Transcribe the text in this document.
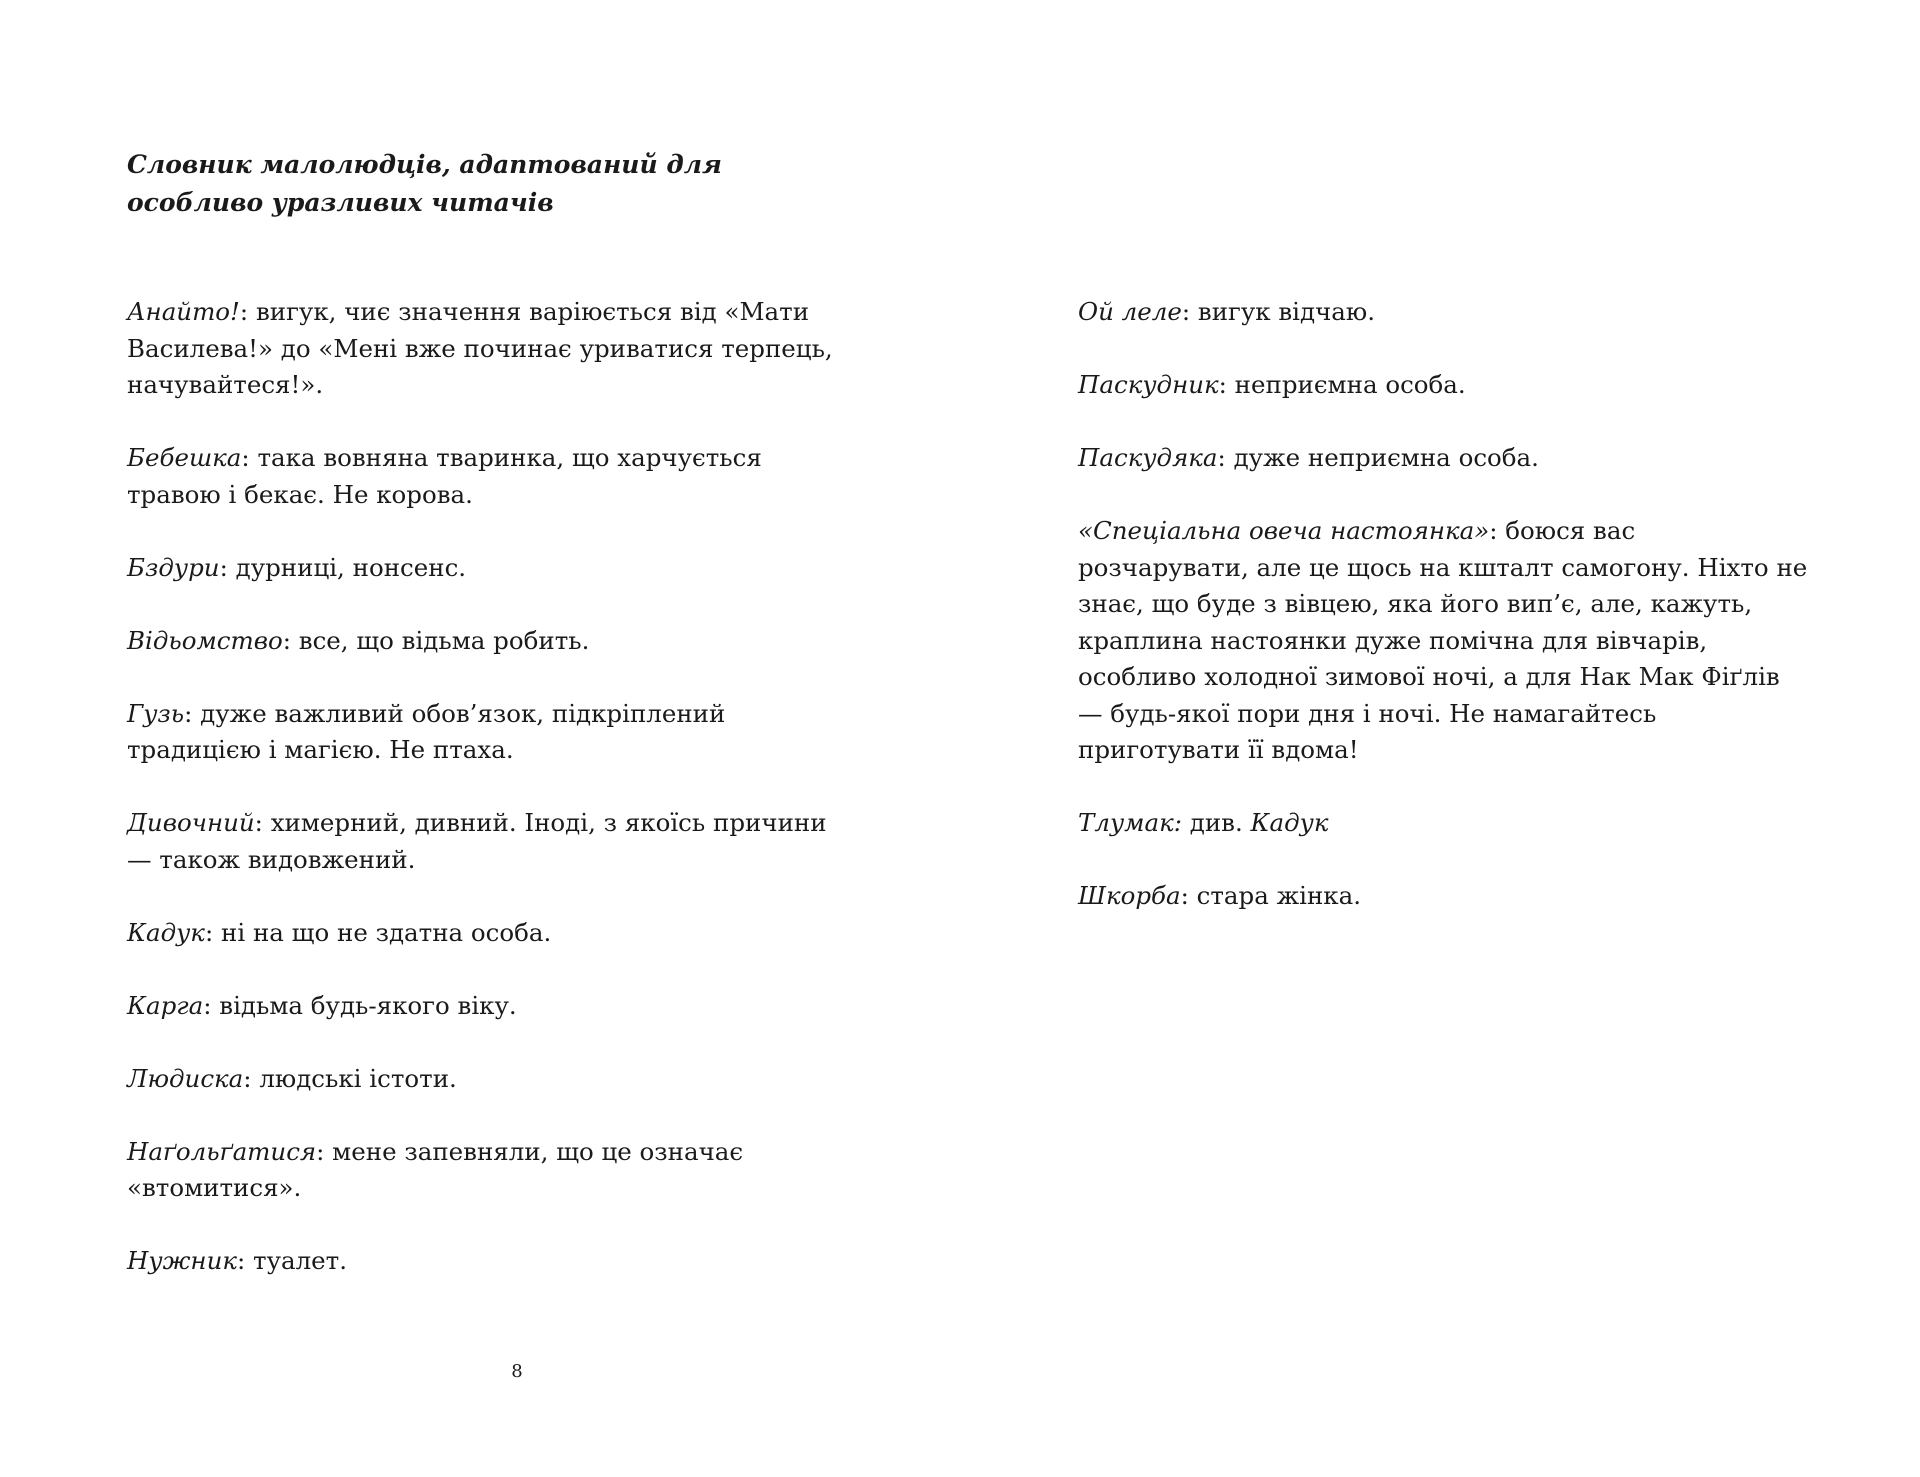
Словник малолюдців, адаптований для особливо уразливих читачів
Анайто!: вигук, чиє значення варіюється від «Мати Василева!» до «Мені вже починає уриватися терпець, начувайтеся!».
Бебешка: така вовняна тваринка, що харчується травою і бекає. Не корова.
Бздури: дурниці, нонсенс.
Відьомство: все, що відьма робить.
Гузь: дуже важливий обов’язок, підкріплений традицією і магією. Не птаха.
Дивочний: химерний, дивний. Іноді, з якоїсь причини — також видовжений.
Кадук: ні на що не здатна особа.
Карга: відьма будь-якого віку.
Людиска: людські істоти.
Наґольґатися: мене запевняли, що це означає «втомитися».
Нужник: туалет.
8
Ой леле: вигук відчаю.
Паскудник: неприємна особа.
Паскудяка: дуже неприємна особа.
«Спеціальна овеча настоянка»: боюся вас розчарувати, але це щось на кшталт самогону. Ніхто не знає, що буде з вівцею, яка його вип’є, але, кажуть, краплина настоянки дуже помічна для вівчарів, особливо холодної зимової ночі, а для Нак Мак Фіґлів — будь-якої пори дня і ночі. Не намагайтесь приготувати її вдома!
Тлумак: див. Кадук
Шкорба: стара жінка.
